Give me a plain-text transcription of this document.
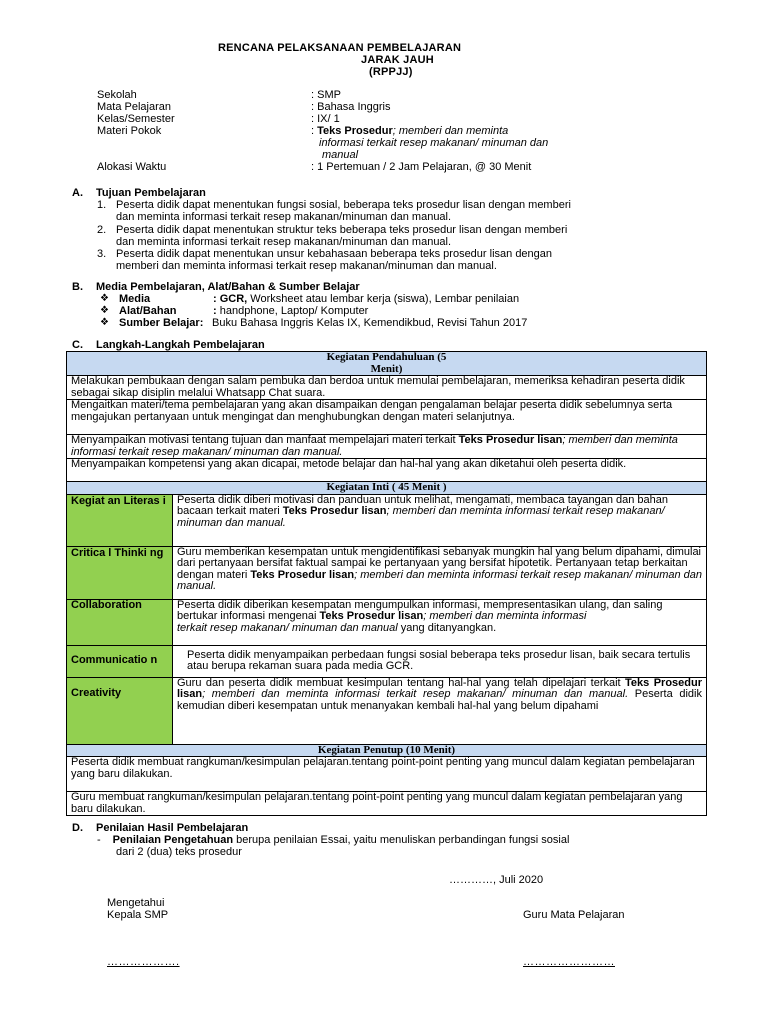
RENCANA PELAKSANAAN PEMBELAJARAN
JARAK JAUH
(RPPJJ)
Sekolah	: SMP
Mata Pelajaran	: Bahasa Inggris
Kelas/Semester	: IX/ 1
Materi Pokok	: Teks Prosedur; memberi dan meminta
informasi terkait resep makanan/ minuman dan
manual
Alokasi Waktu	: 1 Pertemuan / 2 Jam Pelajaran, @ 30 Menit
A. Tujuan Pembelajaran
1. Peserta didik dapat menentukan fungsi sosial, beberapa teks prosedur lisan dengan memberi
dan meminta informasi terkait resep makanan/minuman dan manual.
2. Peserta didik dapat menentukan struktur teks beberapa teks prosedur lisan dengan memberi
dan meminta informasi terkait resep makanan/minuman dan manual.
3. Peserta didik dapat menentukan unsur kebahasaan beberapa teks prosedur lisan dengan
memberi dan meminta informasi terkait resep makanan/minuman dan manual.
B. Media Pembelajaran, Alat/Bahan & Sumber Belajar
❖ Media	: GCR, Worksheet atau lembar kerja (siswa), Lembar penilaian
❖ Alat/Bahan	: handphone, Laptop/ Komputer
❖ Sumber Belajar: Buku Bahasa Inggris Kelas IX, Kemendikbud, Revisi Tahun 2017
C. Langkah-Langkah Pembelajaran
Kegiatan Pendahuluan (5
Menit)	
Melakukan pembukaan dengan salam pembuka dan berdoa untuk memulai pembelajaran, memeriksa kehadiran peserta didik sebagai sikap disiplin melalui Whatsapp Chat suara.	
Mengaitkan materi/tema pembelajaran yang akan disampaikan dengan pengalaman belajar peserta didik sebelumnya serta mengajukan pertanyaan untuk mengingat dan menghubungkan dengan materi selanjutnya.	
Menyampaikan motivasi tentang tujuan dan manfaat mempelajari materi terkait Teks Prosedur lisan; memberi dan meminta informasi terkait resep makanan/ minuman dan manual.	
Menyampaikan kompetensi yang akan dicapai, metode belajar dan hal-hal yang akan diketahui oleh peserta didik.	
Kegiatan Inti ( 45 Menit )	
Kegiat an Literas i	Peserta didik diberi motivasi dan panduan untuk melihat, mengamati, membaca tayangan dan bahan bacaan terkait materi Teks Prosedur lisan; memberi dan meminta informasi terkait resep makanan/ minuman dan manual.
Critica l Thinki ng	Guru memberikan kesempatan untuk mengidentifikasi sebanyak mungkin hal yang belum dipahami, dimulai dari pertanyaan bersifat faktual sampai ke pertanyaan yang bersifat hipotetik. Pertanyaan tetap berkaitan dengan materi Teks Prosedur lisan; memberi dan meminta informasi terkait resep makanan/ minuman dan manual.
Collaboration	Peserta didik diberikan kesempatan mengumpulkan informasi, mempresentasikan ulang, dan saling bertukar informasi mengenai Teks Prosedur lisan; memberi dan meminta informasi
terkait resep makanan/ minuman dan manual yang ditanyangkan.
Communicatio n	Peserta didik menyampaikan perbedaan fungsi sosial beberapa teks prosedur lisan, baik secara tertulis atau berupa rekaman suara pada media GCR.
Creativity	Guru dan peserta didik membuat kesimpulan tentang hal-hal yang telah dipelajari terkait Teks Prosedur lisan; memberi dan meminta informasi terkait resep makanan/ minuman dan manual. Peserta didik kemudian diberi kesempatan untuk menanyakan kembali hal-hal yang belum dipahami
Kegiatan Penutup (10 Menit)	
Peserta didik membuat rangkuman/kesimpulan pelajaran.tentang point-point penting yang muncul dalam kegiatan pembelajaran yang baru dilakukan.	
Guru membuat rangkuman/kesimpulan pelajaran.tentang point-point penting yang muncul dalam kegiatan pembelajaran yang baru dilakukan.	
D. Penilaian Hasil Pembelajaran
- Penilaian Pengetahuan berupa penilaian Essai, yaitu menuliskan perbandingan fungsi sosial
dari 2 (dua) teks prosedur
…………, Juli 2020
Mengetahui
Kepala SMP	Guru Mata Pelajaran
……………….	……………………
